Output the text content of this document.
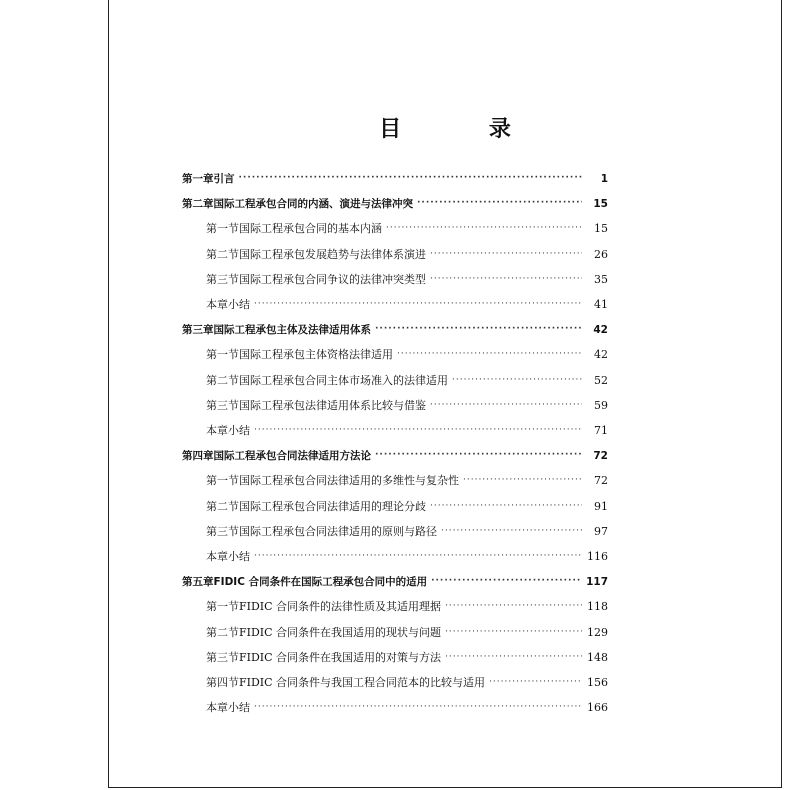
目 录
第一章 引言 ·····	1
第二章 国际工程承包合同的内涵、演进与法律冲突 ·····	15
第一节 国际工程承包合同的基本内涵 ·····	15
第二节 国际工程承包发展趋势与法律体系演进 ·····	26
第三节 国际工程承包合同争议的法律冲突类型 ·····	35
本章小结 ·····	41
第三章 国际工程承包主体及法律适用体系 ·····	42
第一节 国际工程承包主体资格法律适用 ·····	42
第二节 国际工程承包合同主体市场准入的法律适用 ·····	52
第三节 国际工程承包法律适用体系比较与借鉴 ·····	59
本章小结 ·····	71
第四章 国际工程承包合同法律适用方法论 ·····	72
第一节 国际工程承包合同法律适用的多维性与复杂性 ·····	72
第二节 国际工程承包合同法律适用的理论分歧 ·····	91
第三节 国际工程承包合同法律适用的原则与路径 ·····	97
本章小结 ·····	116
第五章 FIDIC 合同条件在国际工程承包合同中的适用 ·····	117
第一节 FIDIC 合同条件的法律性质及其适用理据 ·····	118
第二节 FIDIC 合同条件在我国适用的现状与问题 ·····	129
第三节 FIDIC 合同条件在我国适用的对策与方法 ·····	148
第四节 FIDIC 合同条件与我国工程合同范本的比较与适用 ·····	156
本章小结 ·····	166
